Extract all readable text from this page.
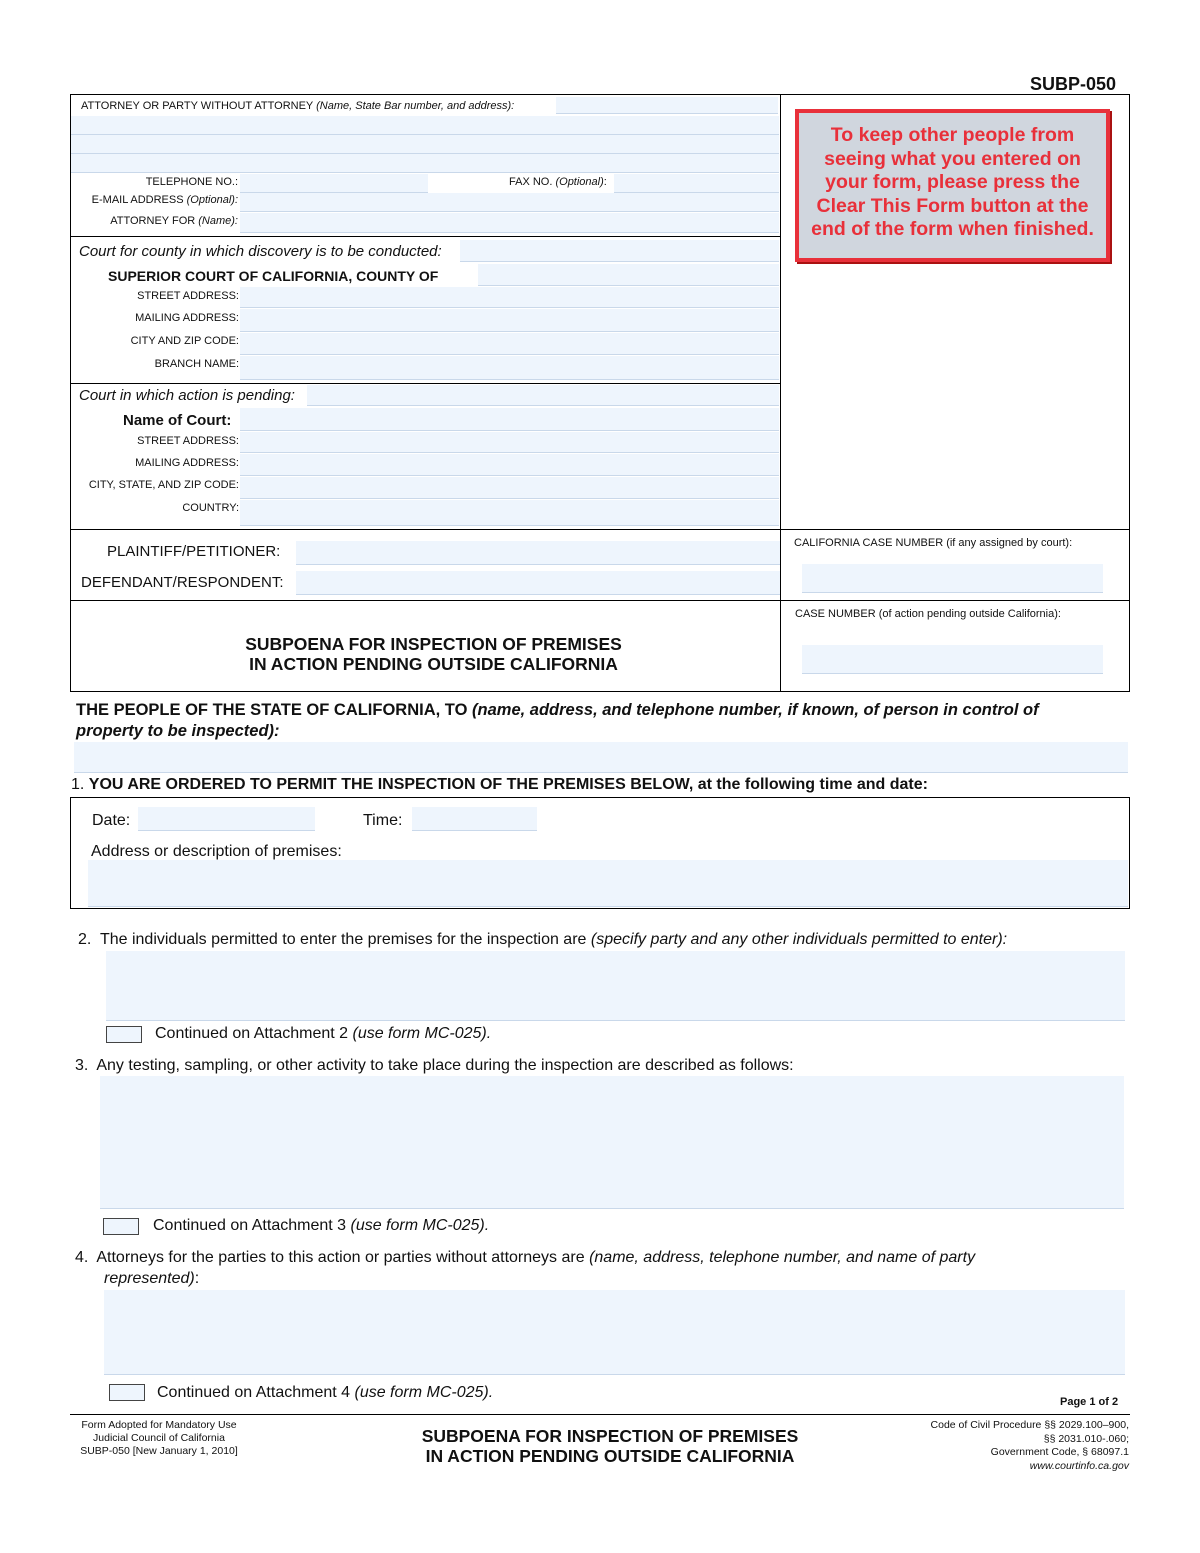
SUBP-050
ATTORNEY OR PARTY WITHOUT ATTORNEY (Name, State Bar number, and address):
TELEPHONE NO.:	FAX NO. (Optional):
E-MAIL ADDRESS (Optional):
ATTORNEY FOR (Name):
Court for county in which discovery is to be conducted:
SUPERIOR COURT OF CALIFORNIA, COUNTY OF
STREET ADDRESS:
MAILING ADDRESS:
CITY AND ZIP CODE:
BRANCH NAME:
Court in which action is pending:
Name of Court:
STREET ADDRESS:
MAILING ADDRESS:
CITY, STATE, AND ZIP CODE:
COUNTRY:
To keep other people from
seeing what you entered on
your form, please press the
Clear This Form button at the
end of the form when finished.
PLAINTIFF/PETITIONER:
DEFENDANT/RESPONDENT:
CALIFORNIA CASE NUMBER (if any assigned by court):
CASE NUMBER (of action pending outside California):
SUBPOENA FOR INSPECTION OF PREMISES
IN ACTION PENDING OUTSIDE CALIFORNIA
THE PEOPLE OF THE STATE OF CALIFORNIA, TO (name, address, and telephone number, if known, of person in control of
property to be inspected):
1. YOU ARE ORDERED TO PERMIT THE INSPECTION OF THE PREMISES BELOW, at the following time and date:
Date:	Time:
Address or description of premises:
2. The individuals permitted to enter the premises for the inspection are (specify party and any other individuals permitted to enter):
Continued on Attachment 2 (use form MC-025).
3. Any testing, sampling, or other activity to take place during the inspection are described as follows:
Continued on Attachment 3 (use form MC-025).
4. Attorneys for the parties to this action or parties without attorneys are (name, address, telephone number, and name of party
represented):
Continued on Attachment 4 (use form MC-025).
Page 1 of 2
Form Adopted for Mandatory Use
Judicial Council of California
SUBP-050 [New January 1, 2010]
SUBPOENA FOR INSPECTION OF PREMISES
IN ACTION PENDING OUTSIDE CALIFORNIA
Code of Civil Procedure §§ 2029.100–900,
§§ 2031.010-.060;
Government Code, § 68097.1
www.courtinfo.ca.gov
